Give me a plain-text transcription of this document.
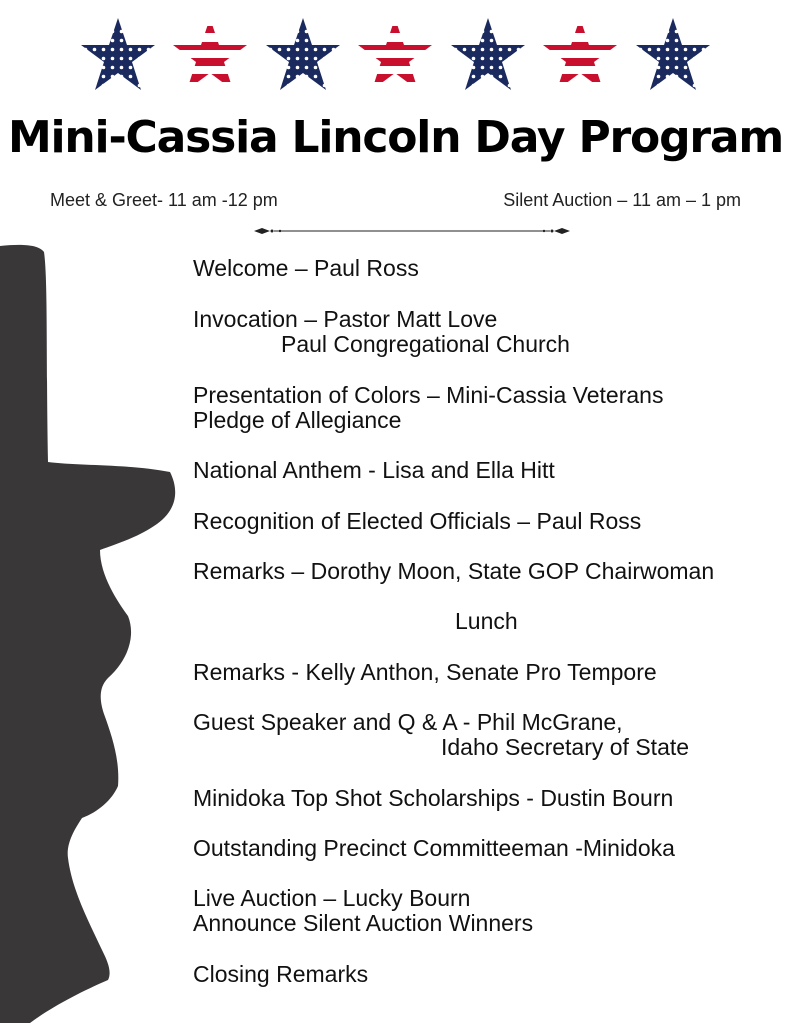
Mini-Cassia Lincoln Day Program
Meet & Greet- 11 am -12 pm	Silent Auction – 11 am – 1 pm
Welcome – Paul Ross
Invocation – Pastor Matt Love
Paul Congregational Church
Presentation of Colors – Mini-Cassia Veterans
Pledge of Allegiance
National Anthem - Lisa and Ella Hitt
Recognition of Elected Officials – Paul Ross
Remarks – Dorothy Moon, State GOP Chairwoman
Lunch
Remarks - Kelly Anthon, Senate Pro Tempore
Guest Speaker and Q & A - Phil McGrane,
Idaho Secretary of State
Minidoka Top Shot Scholarships - Dustin Bourn
Outstanding Precinct Committeeman -Minidoka
Live Auction – Lucky Bourn
Announce Silent Auction Winners
Closing Remarks
